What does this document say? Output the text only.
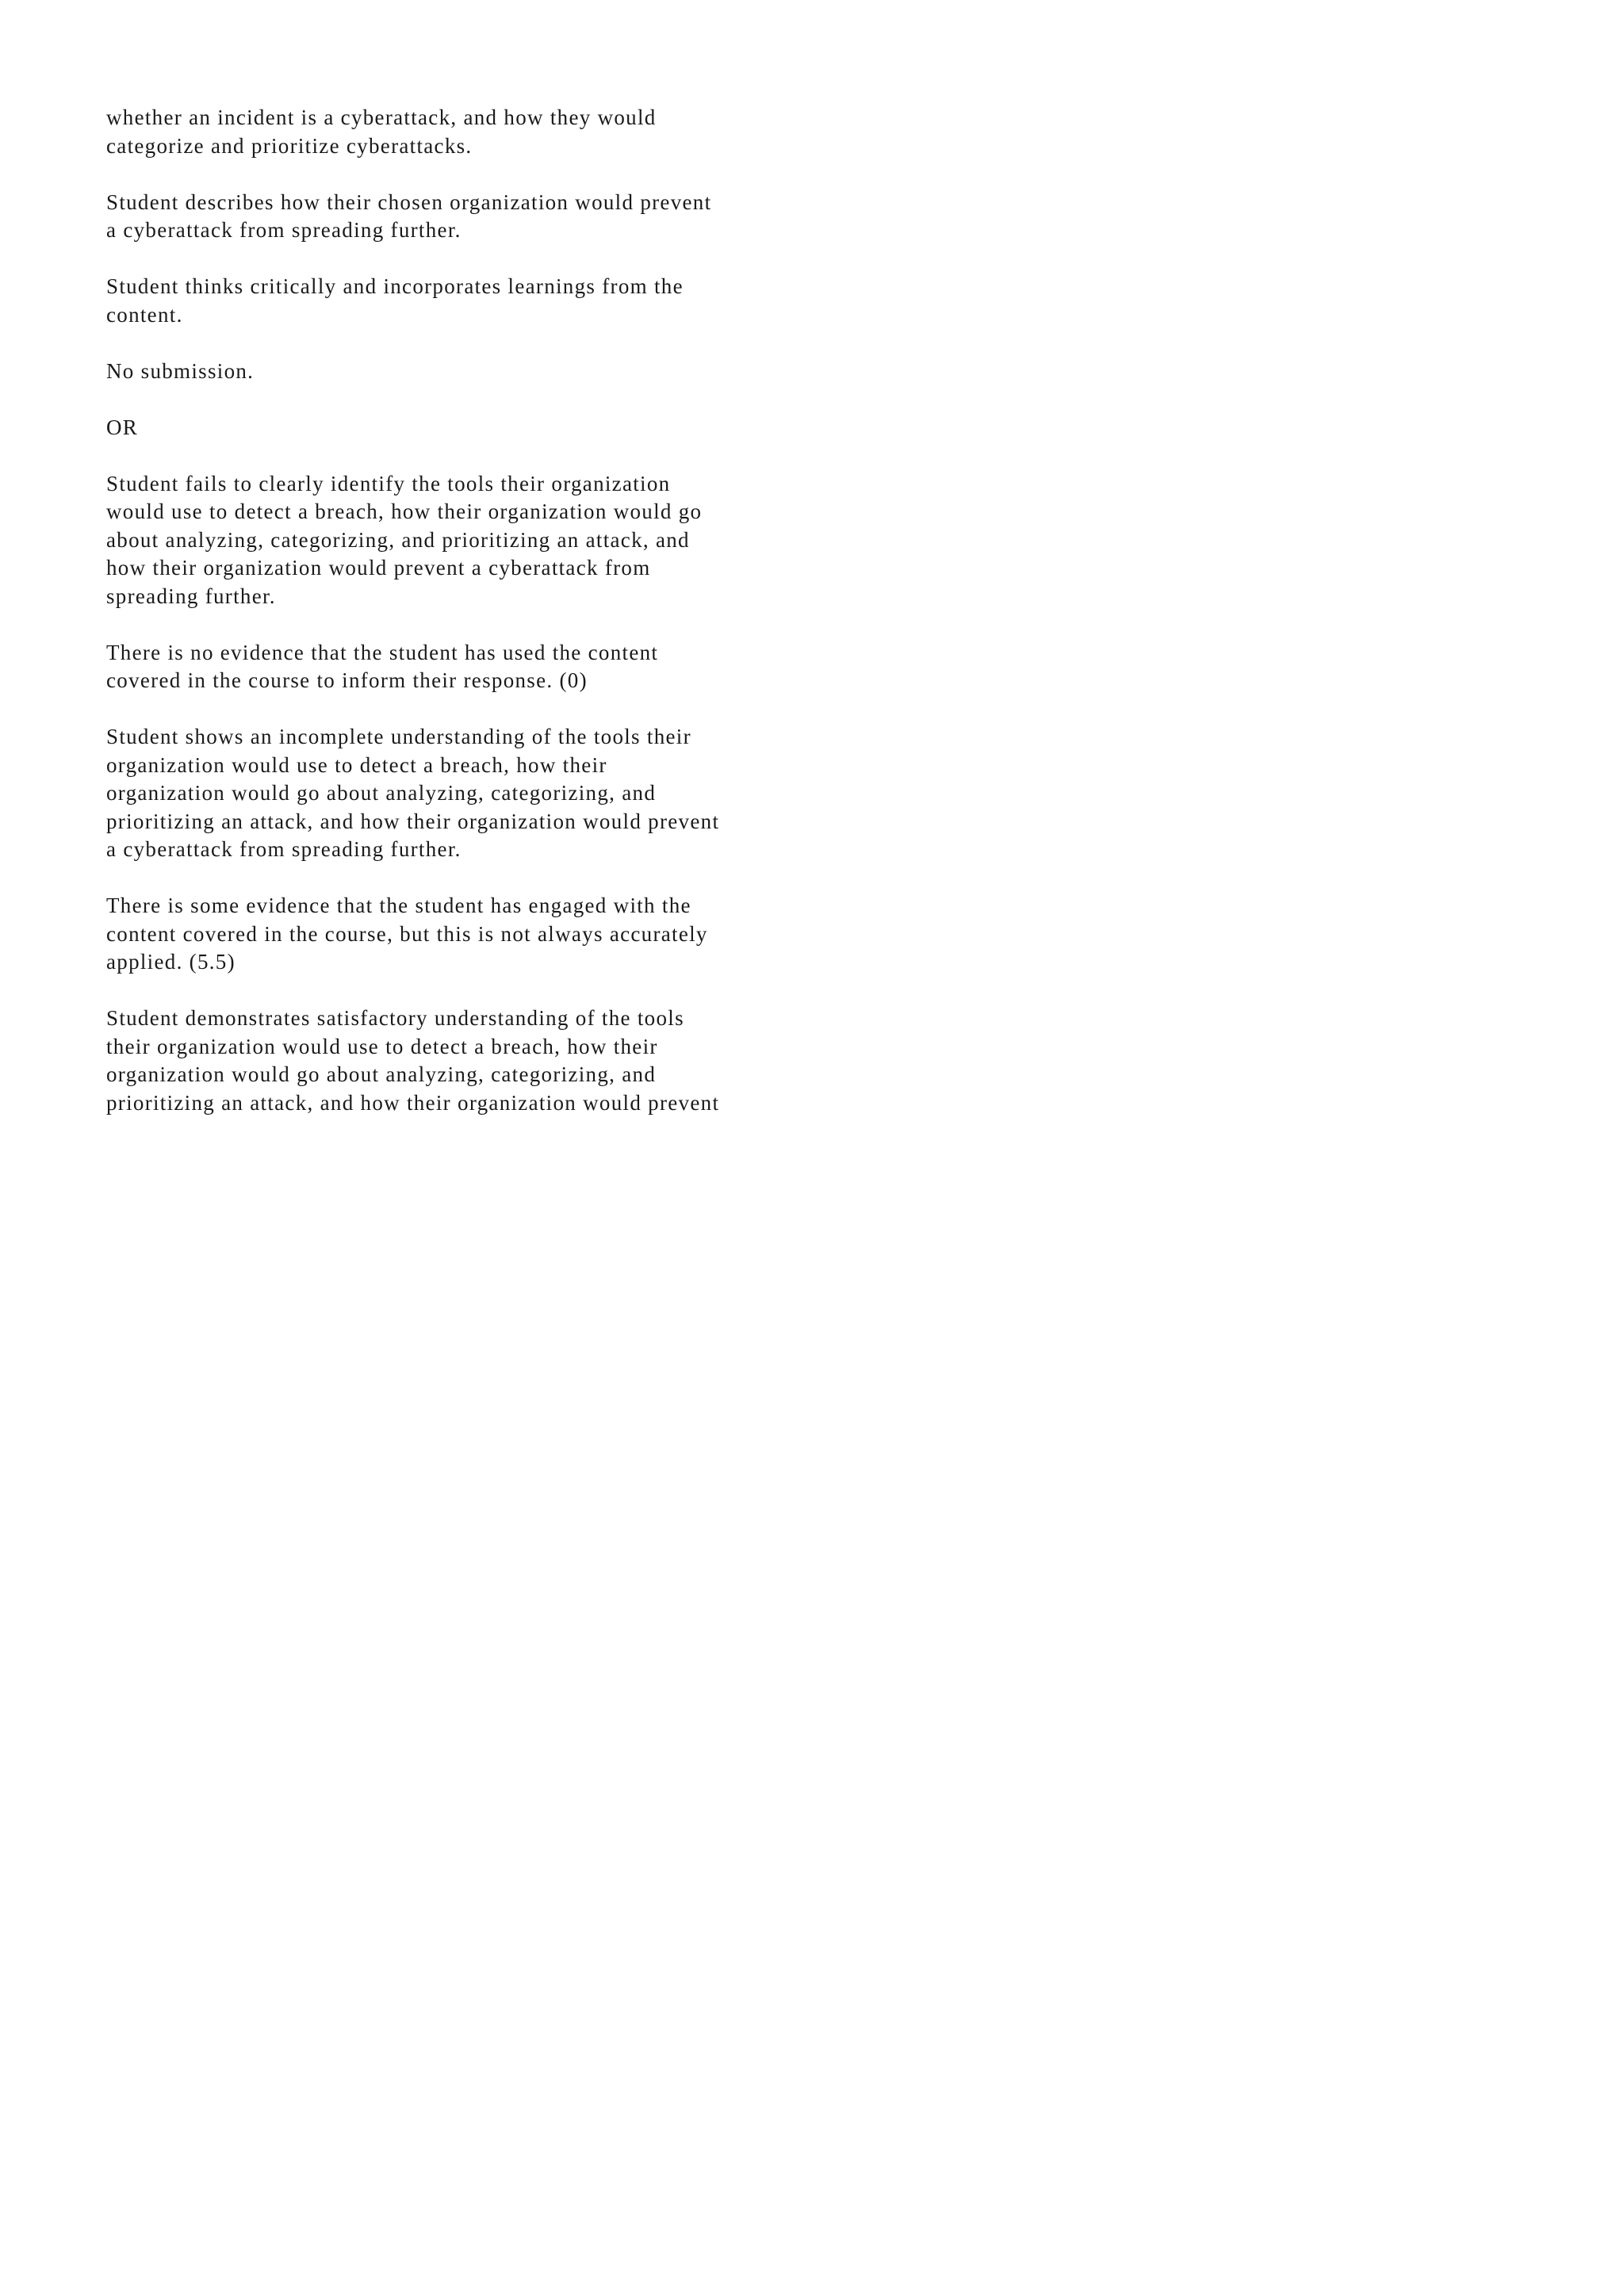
whether an incident is a cyberattack, and how they would
categorize and prioritize cyberattacks.

Student describes how their chosen organization would prevent
a cyberattack from spreading further.

Student thinks critically and incorporates learnings from the
content.

No submission.

OR

Student fails to clearly identify the tools their organization
would use to detect a breach, how their organization would go
about analyzing, categorizing, and prioritizing an attack, and
how their organization would prevent a cyberattack from
spreading further.

There is no evidence that the student has used the content
covered in the course to inform their response. (0)

Student shows an incomplete understanding of the tools their
organization would use to detect a breach, how their
organization would go about analyzing, categorizing, and
prioritizing an attack, and how their organization would prevent
a cyberattack from spreading further.

There is some evidence that the student has engaged with the
content covered in the course, but this is not always accurately
applied. (5.5)

Student demonstrates satisfactory understanding of the tools
their organization would use to detect a breach, how their
organization would go about analyzing, categorizing, and
prioritizing an attack, and how their organization would prevent
